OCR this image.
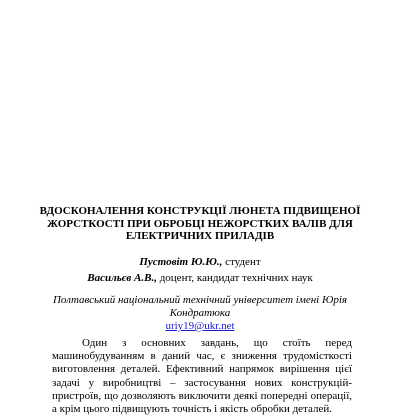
ВДОСКОНАЛЕННЯ КОНСТРУКЦІЇ ЛЮНЕТА ПІДВИЩЕНОЇ
ЖОРСТКОСТІ ПРИ ОБРОБЦІ НЕЖОРСТКИХ ВАЛІВ ДЛЯ
ЕЛЕКТРИЧНИХ ПРИЛАДІВ
Пустовіт Ю.Ю., студент
Васильєв А.В., доцент, кандидат технічних наук
Полтавський національний технічний університет імені Юрія
Кондратюка
uriy19@ukr.net

Один з основних завдань, що стоїть перед машинобудуванням в даний час, є зниження трудомісткості виготовлення деталей. Ефективний напрямок вирішення цієї задачі у виробництві – застосування нових конструкцій-пристроїв, що дозволяють виключити деякі попередні операції, а крім цього підвищують точність і якість обробки деталей.
